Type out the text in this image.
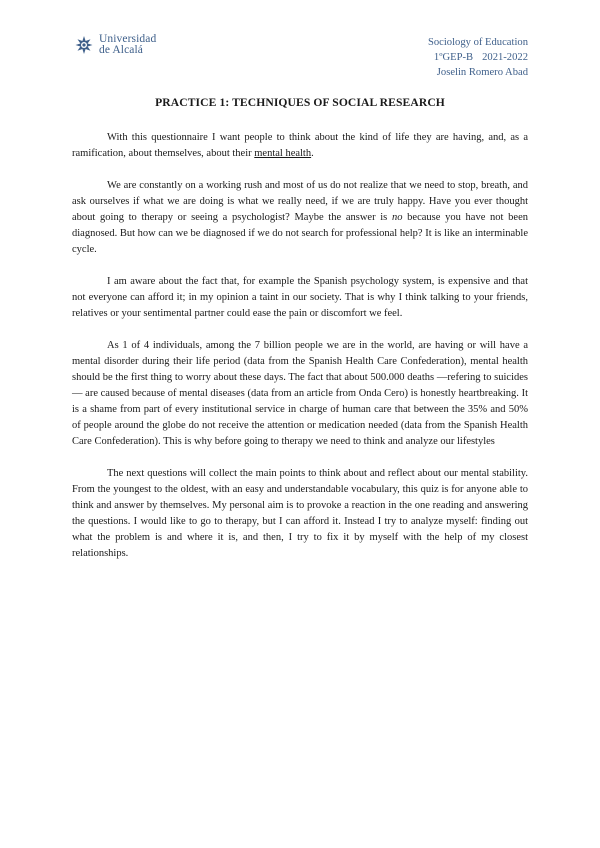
Universidad
de Alcalá
Sociology of Education
1ºGEP-B 2021-2022
Joselin Romero Abad
PRACTICE 1: TECHNIQUES OF SOCIAL RESEARCH

With this questionnaire I want people to think about the kind of life they are having, and, as a ramification, about themselves, about their mental health.

We are constantly on a working rush and most of us do not realize that we need to stop, breath, and ask ourselves if what we are doing is what we really need, if we are truly happy. Have you ever thought about going to therapy or seeing a psychologist? Maybe the answer is no because you have not been diagnosed. But how can we be diagnosed if we do not search for professional help? It is like an interminable cycle.

I am aware about the fact that, for example the Spanish psychology system, is expensive and that not everyone can afford it; in my opinion a taint in our society. That is why I think talking to your friends, relatives or your sentimental partner could ease the pain or discomfort we feel.

As 1 of 4 individuals, among the 7 billion people we are in the world, are having or will have a mental disorder during their life period (data from the Spanish Health Care Confederation), mental health should be the first thing to worry about these days. The fact that about 500.000 deaths —refering to suicides— are caused because of mental diseases (data from an article from Onda Cero) is honestly heartbreaking. It is a shame from part of every institutional service in charge of human care that between the 35% and 50% of people around the globe do not receive the attention or medication needed (data from the Spanish Health Care Confederation). This is why before going to therapy we need to think and analyze our lifestyles

The next questions will collect the main points to think about and reflect about our mental stability. From the youngest to the oldest, with an easy and understandable vocabulary, this quiz is for anyone able to think and answer by themselves. My personal aim is to provoke a reaction in the one reading and answering the questions. I would like to go to therapy, but I can afford it. Instead I try to analyze myself: finding out what the problem is and where it is, and then, I try to fix it by myself with the help of my closest relationships.
